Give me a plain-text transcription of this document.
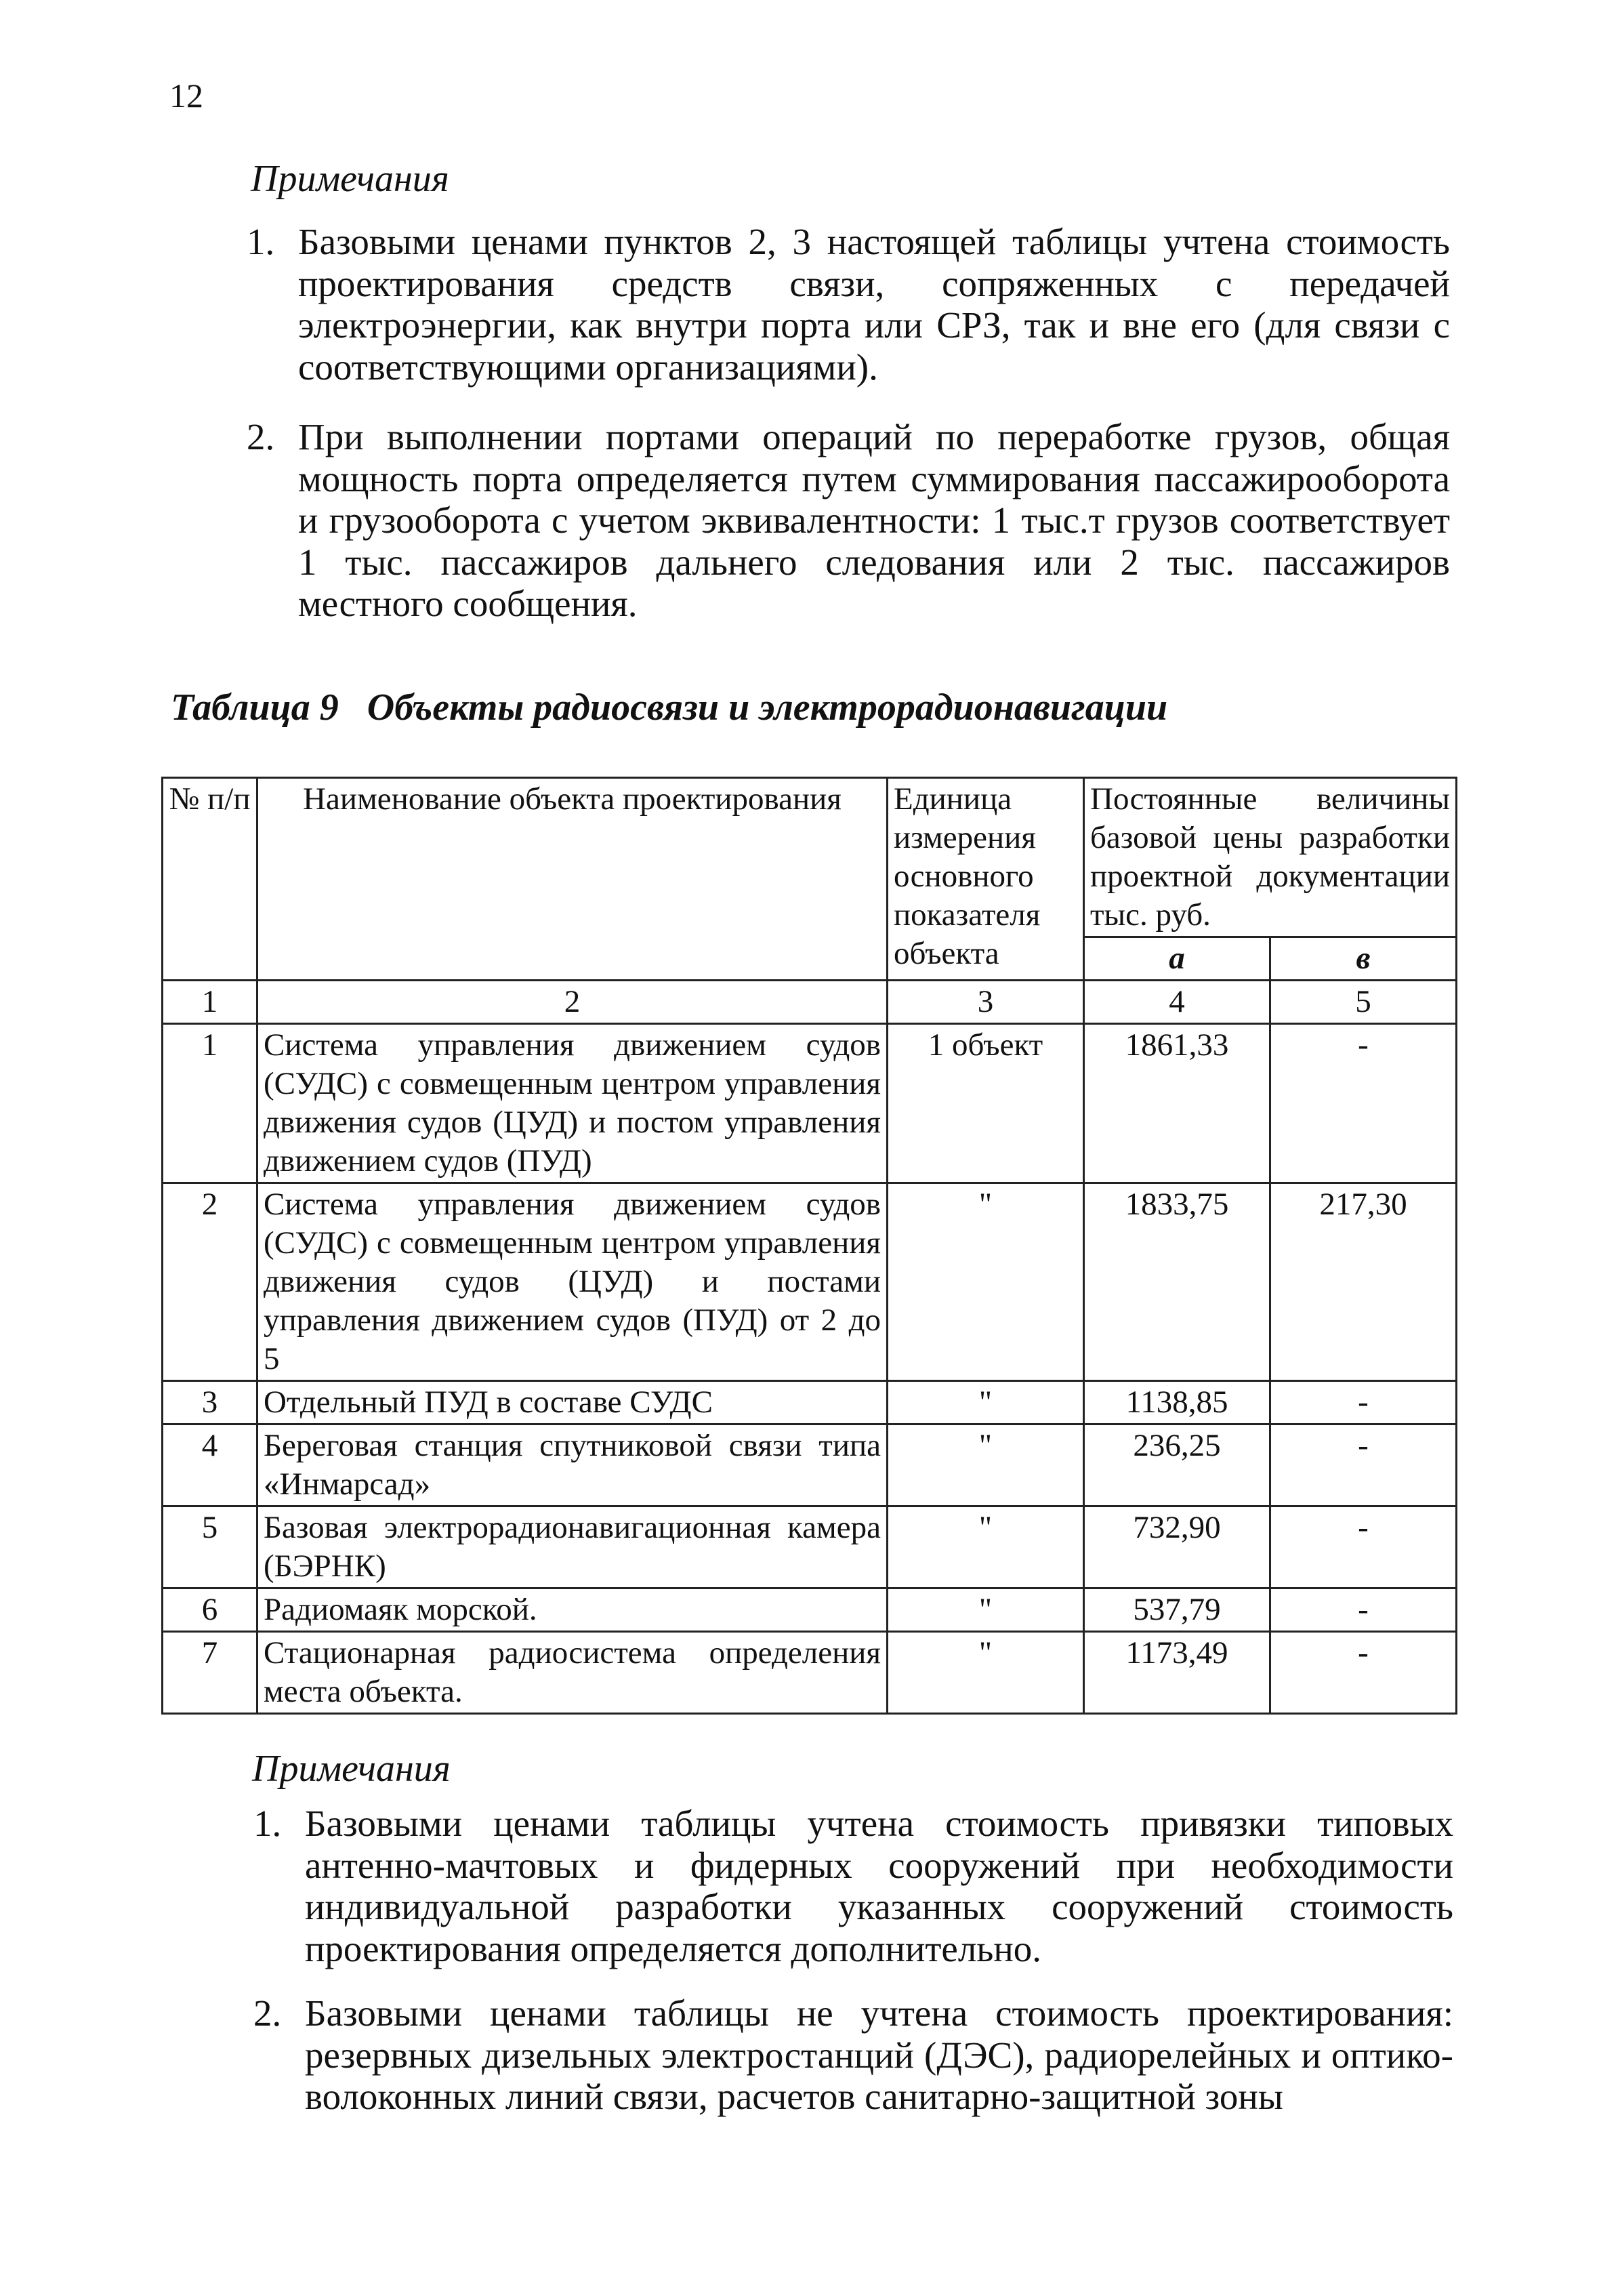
12
Примечания
1. Базовыми ценами пунктов 2, 3 настоящей таблицы учтена стоимость проектирования средств связи, сопряженных с передачей электроэнергии, как внутри порта или СРЗ, так и вне его (для связи с соответствующими организациями).
2. При выполнении портами операций по переработке грузов, общая мощность порта определяется путем суммирования пассажирооборота и грузооборота с учетом эквивалентности: 1 тыс.т грузов соответствует 1 тыс. пассажиров дальнего следования или 2 тыс. пассажиров местного сообщения.
Таблица 9 Объекты радиосвязи и электрорадионавигации
№ п/п	Наименование объекта проектирования	Единица измерения основного показателя объекта	Постоянные величины базовой цены разработки проектной документации тыс. руб.	
			а	в
1	2	3	4	5
1	Система управления движением судов (СУДС) с совмещенным центром управления движения судов (ЦУД) и постом управления движением судов (ПУД)	1 объект	1861,33	-
2	Система управления движением судов (СУДС) с совмещенным центром управления движения судов (ЦУД) и постами управления движением судов (ПУД) от 2 до 5	"	1833,75	217,30
3	Отдельный ПУД в составе СУДС	"	1138,85	-
4	Береговая станция спутниковой связи типа «Инмарсад»	"	236,25	-
5	Базовая электрорадионавигационная камера (БЭРНК)	"	732,90	-
6	Радиомаяк морской.	"	537,79	-
7	Стационарная радиосистема определения места объекта.	"	1173,49	-
Примечания
1. Базовыми ценами таблицы учтена стоимость привязки типовых антенно-мачтовых и фидерных сооружений при необходимости индивидуальной разработки указанных сооружений стоимость проектирования определяется дополнительно.
2. Базовыми ценами таблицы не учтена стоимость проектирования: резервных дизельных электростанций (ДЭС), радиорелейных и оптико-волоконных линий связи, расчетов санитарно-защитной зоны
